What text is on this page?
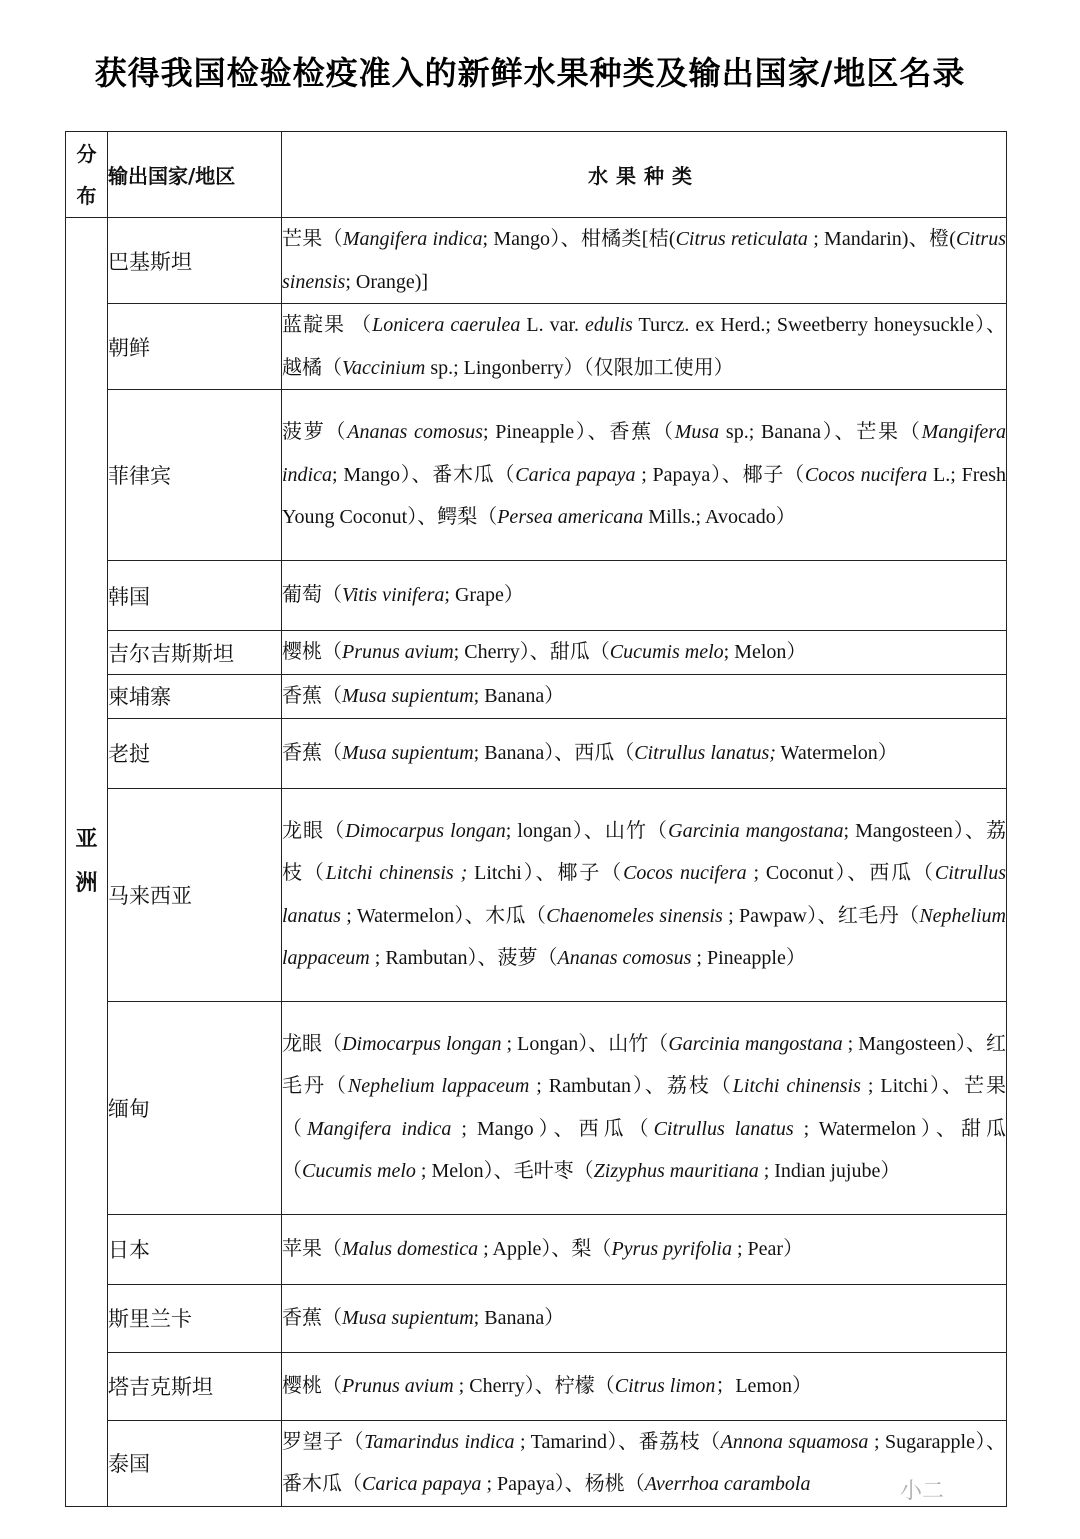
获得我国检验检疫准入的新鲜水果种类及输出国家/地区名录
分
布	输出国家/地区	水果种类

亚
洲	巴基斯坦	芒果（Mangifera indica; Mango）、柑橘类[桔(Citrus reticulata ; Mandarin)、橙(Citrus sinensis; Orange)]
	朝鲜	蓝靛果 （Lonicera caerulea L. var. edulis Turcz. ex Herd.; Sweetberry honeysuckle）、越橘（Vaccinium sp.; Lingonberry）（仅限加工使用）
	菲律宾	菠萝（Ananas comosus; Pineapple）、香蕉（Musa sp.; Banana）、芒果（Mangifera indica; Mango）、番木瓜（Carica papaya ; Papaya）、椰子（Cocos nucifera L.; Fresh Young Coconut）、鳄梨（Persea americana Mills.; Avocado）
	韩国	葡萄（Vitis vinifera; Grape）
	吉尔吉斯斯坦	樱桃（Prunus avium; Cherry）、甜瓜（Cucumis melo; Melon）
	柬埔寨	香蕉（Musa supientum; Banana）
	老挝	香蕉（Musa supientum; Banana）、西瓜（Citrullus lanatus; Watermelon）
	马来西亚	龙眼（Dimocarpus longan; longan）、山竹（Garcinia mangostana; Mangosteen）、荔枝（Litchi chinensis ; Litchi）、椰子（Cocos nucifera ; Coconut）、西瓜（Citrullus lanatus ; Watermelon）、木瓜（Chaenomeles sinensis ; Pawpaw）、红毛丹（Nephelium lappaceum ; Rambutan）、菠萝（Ananas comosus ; Pineapple）
	缅甸	龙眼（Dimocarpus longan ; Longan）、山竹（Garcinia mangostana ; Mangosteen）、红毛丹（Nephelium lappaceum ; Rambutan）、荔枝（Litchi chinensis ; Litchi）、芒果（Mangifera indica ; Mango）、西瓜（Citrullus lanatus ; Watermelon）、甜瓜（Cucumis melo ; Melon）、毛叶枣（Zizyphus mauritiana ; Indian jujube）
	日本	苹果（Malus domestica ; Apple）、梨（Pyrus pyrifolia ; Pear）
	斯里兰卡	香蕉（Musa supientum; Banana）
	塔吉克斯坦	樱桃（Prunus avium ; Cherry）、柠檬（Citrus limon；Lemon）
	泰国	罗望子（Tamarindus indica ; Tamarind）、番荔枝（Annona squamosa ; Sugarapple）、番木瓜（Carica papaya ; Papaya）、杨桃（Averrhoa carambola	小二
